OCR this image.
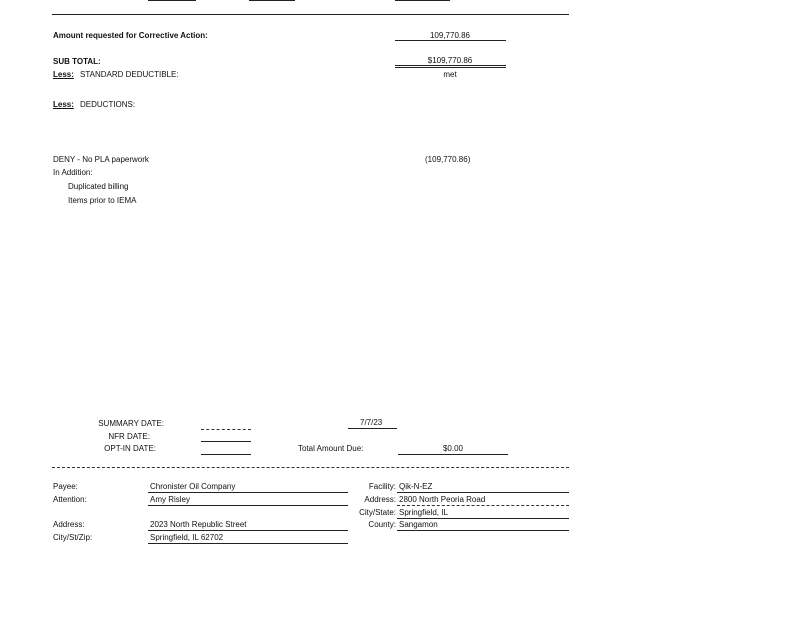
Amount requested for Corrective Action:	109,770.86
SUB TOTAL:	$109,770.86
Less: STANDARD DEDUCTIBLE:	met
Less: DEDUCTIONS:
DENY - No PLA paperwork	(109,770.86)
In Addition:
Duplicated billing
Items prior to IEMA
SUMMARY DATE:	7/7/23
NFR DATE:
OPT-IN DATE:	Total Amount Due:	$0.00
Payee:	Chronister Oil Company
Attention:	Amy Risley
Address:	2023 North Republic Street
City/St/Zip:	Springfield, IL 62702
Facility: Qik-N-EZ
Address: 2800 North Peoria Road
City/State: Springfield, IL
County: Sangamon
